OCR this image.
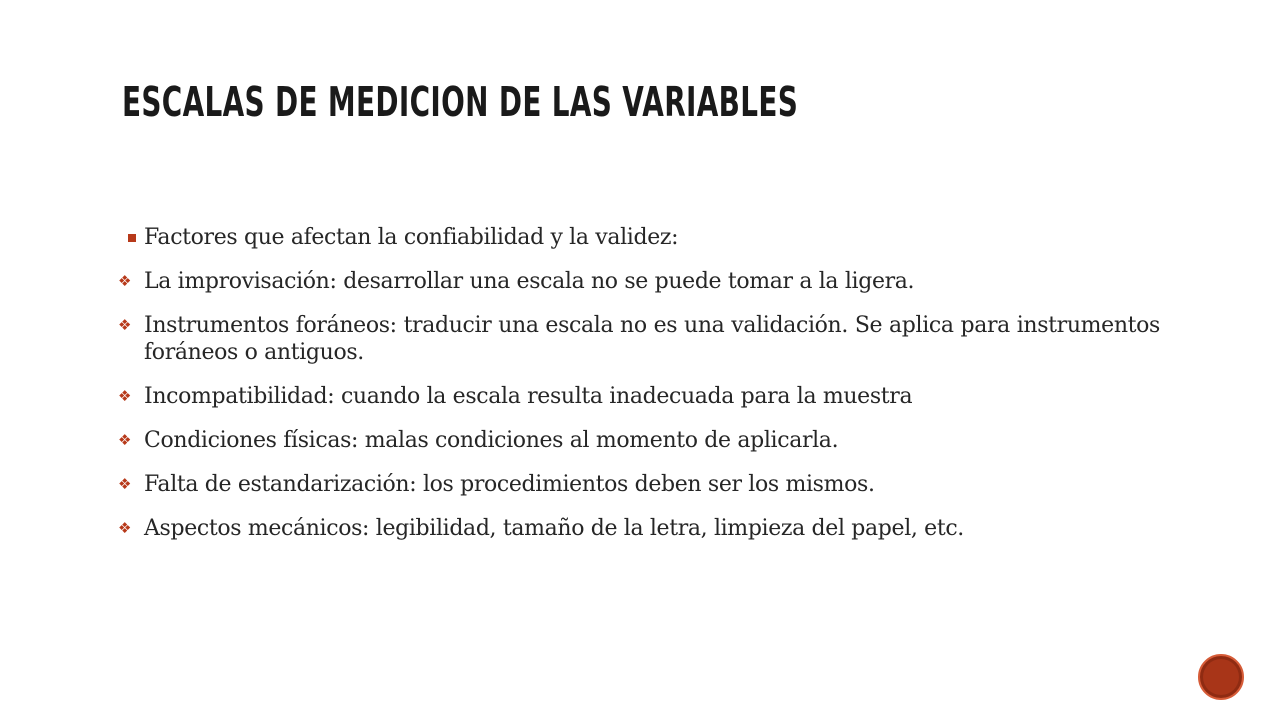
ESCALAS DE MEDICION DE LAS VARIABLES
Factores que afectan la confiabilidad y la validez:
❖ La improvisación: desarrollar una escala no se puede tomar a la ligera.
❖ Instrumentos foráneos: traducir una escala no es una validación. Se aplica para instrumentos foráneos o antiguos.
❖ Incompatibilidad: cuando la escala resulta inadecuada para la muestra
❖ Condiciones físicas: malas condiciones al momento de aplicarla.
❖ Falta de estandarización: los procedimientos deben ser los mismos.
❖ Aspectos mecánicos: legibilidad, tamaño de la letra, limpieza del papel, etc.
